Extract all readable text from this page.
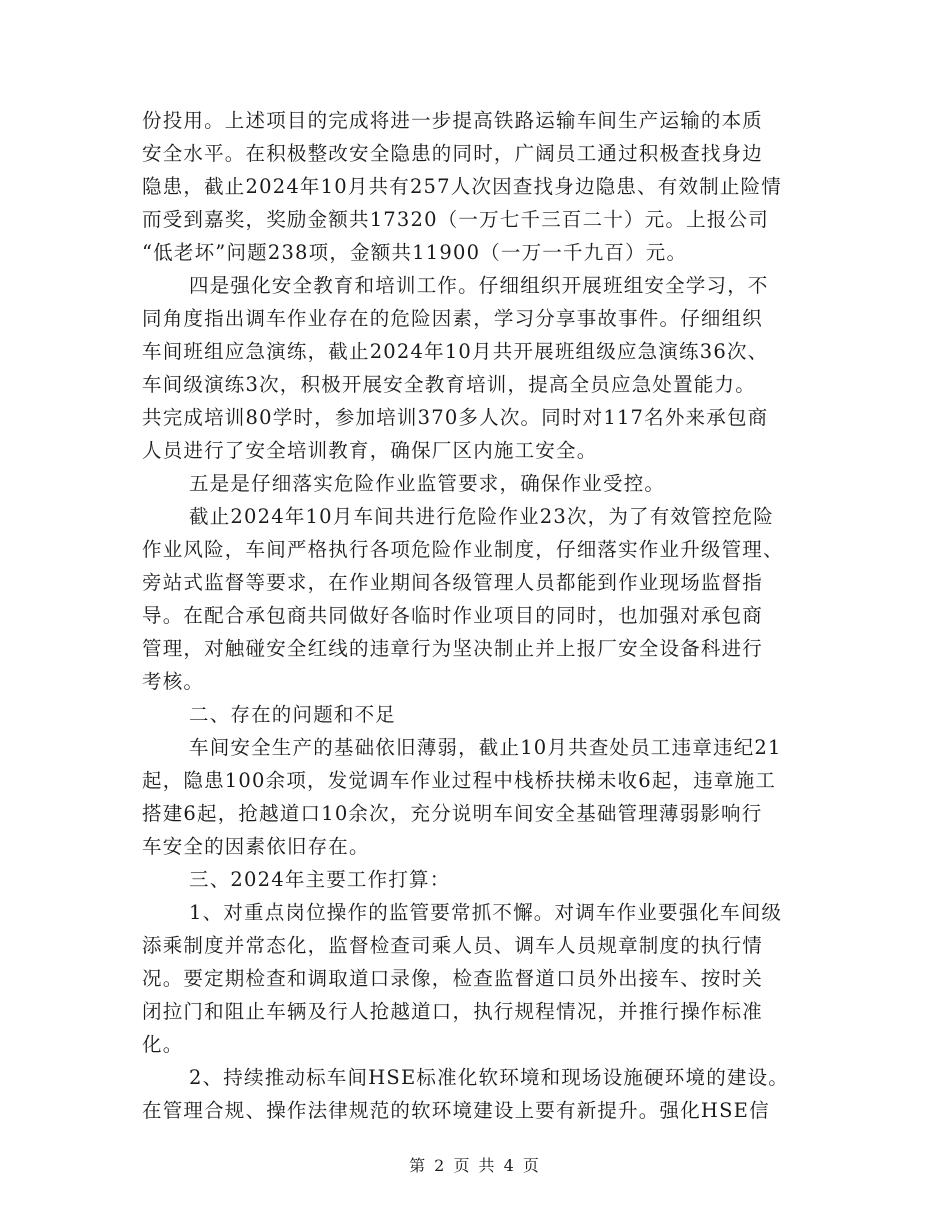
份投用。上述项目的完成将进一步提高铁路运输车间生产运输的本质
安全水平。在积极整改安全隐患的同时，广阔员工通过积极查找身边
隐患，截止2024年10月共有257人次因查找身边隐患、有效制止险情
而受到嘉奖，奖励金额共17320（一万七千三百二十）元。上报公司
“低老坏”问题238项，金额共11900（一万一千九百）元。

四是强化安全教育和培训工作。仔细组织开展班组安全学习，不
同角度指出调车作业存在的危险因素，学习分享事故事件。仔细组织
车间班组应急演练，截止2024年10月共开展班组级应急演练36次、
车间级演练3次，积极开展安全教育培训，提高全员应急处置能力。
共完成培训80学时，参加培训370多人次。同时对117名外来承包商
人员进行了安全培训教育，确保厂区内施工安全。

五是是仔细落实危险作业监管要求，确保作业受控。

截止2024年10月车间共进行危险作业23次，为了有效管控危险
作业风险，车间严格执行各项危险作业制度，仔细落实作业升级管理、
旁站式监督等要求，在作业期间各级管理人员都能到作业现场监督指
导。在配合承包商共同做好各临时作业项目的同时，也加强对承包商
管理，对触碰安全红线的违章行为坚决制止并上报厂安全设备科进行
考核。

二、存在的问题和不足

车间安全生产的基础依旧薄弱，截止10月共查处员工违章违纪21
起，隐患100余项，发觉调车作业过程中栈桥扶梯未收6起，违章施工
搭建6起，抢越道口10余次，充分说明车间安全基础管理薄弱影响行
车安全的因素依旧存在。

三、2024年主要工作打算：

1、对重点岗位操作的监管要常抓不懈。对调车作业要强化车间级
添乘制度并常态化，监督检查司乘人员、调车人员规章制度的执行情
况。要定期检查和调取道口录像，检查监督道口员外出接车、按时关
闭拉门和阻止车辆及行人抢越道口，执行规程情况，并推行操作标准
化。

2、持续推动标车间HSE标准化软环境和现场设施硬环境的建设。
在管理合规、操作法律规范的软环境建设上要有新提升。强化HSE信

第 2 页 共 4 页
